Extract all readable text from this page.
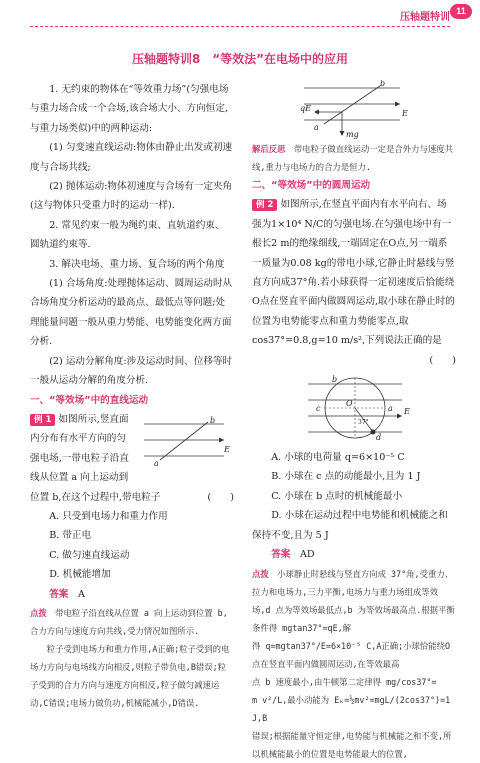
压轴题特训
11
压轴题特训8　“等效法”在电场中的应用

1. 无约束的物体在“等效重力场”(匀强电场与重力场合成一个合场,该合场大小、方向恒定,与重力场类似)中的两种运动:

(1) 匀变速直线运动:物体由静止出发或初速度与合场共线;

(2) 抛体运动:物体初速度与合场有一定夹角(这与物体只受重力时的运动一样).

2. 常见约束一般为绳约束、直轨道约束、圆轨道约束等.

3. 解决电场、重力场、复合场的两个角度

(1) 合场角度:处理抛体运动、圆周运动时从合场角度分析运动的最高点、最低点等问题;处理能量问题一般从重力势能、电势能变化两方面分析.

(2) 运动分解角度:涉及运动时间、位移等时一般从运动分解的角度分析.

一、“等效场”中的直线运动

b
a
E

例 1 如图所示,竖直面内分布有水平方向的匀强电场,一带电粒子沿直线从位置 a 向上运动到位置 b,在这个过程中,带电粒子	(　　)

A. 只受到电场力和重力作用

B. 带正电

C. 做匀速直线运动

D. 机械能增加

答案　 A

点拨　 带电粒子沿直线从位置 a 向上运动到位置 b,合力方向与速度方向共线,受力情况如图所示.

粒子受到电场力和重力作用,A正确;粒子受到的电场力方向与电场线方向相反,则粒子带负电,B错误;粒子受到的合力方向与速度方向相反,粒子做匀减速运动,C错误;电场力做负功,机械能减小,D错误.

b
a
qE
mg
E

解后反思　 带电粒子做直线运动一定是合外力与速度共线,重力与电场力的合力是恒力.

二、“等效场”中的圆周运动

例 2 如图所示,在竖直平面内有水平向右、场强为1×10⁴ N/C的匀强电场.在匀强电场中有一根长2 m的绝缘细线,一端固定在O点,另一端系一质量为0.08 kg的带电小球,它静止时悬线与竖直方向成37°角.若小球获得一定初速度后恰能绕O点在竖直平面内做圆周运动,取小球在静止时的位置为电势能零点和重力势能零点,取cos37°=0.8,g=10 m/s²,下列说法正确的是
(　　)

O
d
b
c	a E
37°

A. 小球的电荷量 q=6×10⁻⁵ C

B. 小球在 c 点的动能最小,且为 1 J

C. 小球在 b 点时的机械能最小

D. 小球在运动过程中电势能和机械能之和保持不变,且为 5 J

答案　 AD

点拨　 小球静止时悬线与竖直方向成 37°角,受重力、拉力和电场力,三力平衡,电场力与重力场组成等效场,d 点为等效场最低点,b 为等效场最高点.根据平衡条件得 mgtan37°=qE,解

得 q=mgtan37°/E=6×10⁻⁵ C,A正确;小球恰能绕O点在竖直平面内做圆周运动,在等效最高

点 b 速度最小,由牛顿第二定律得 mg/cos37°=

m v²/L,最小动能为 Eₖ=½mv²=mgL/(2cos37°)=1 J,B

错误;根据能量守恒定律,电势能与机械能之和不变,所以机械能最小的位置是电势能最大的位置,
